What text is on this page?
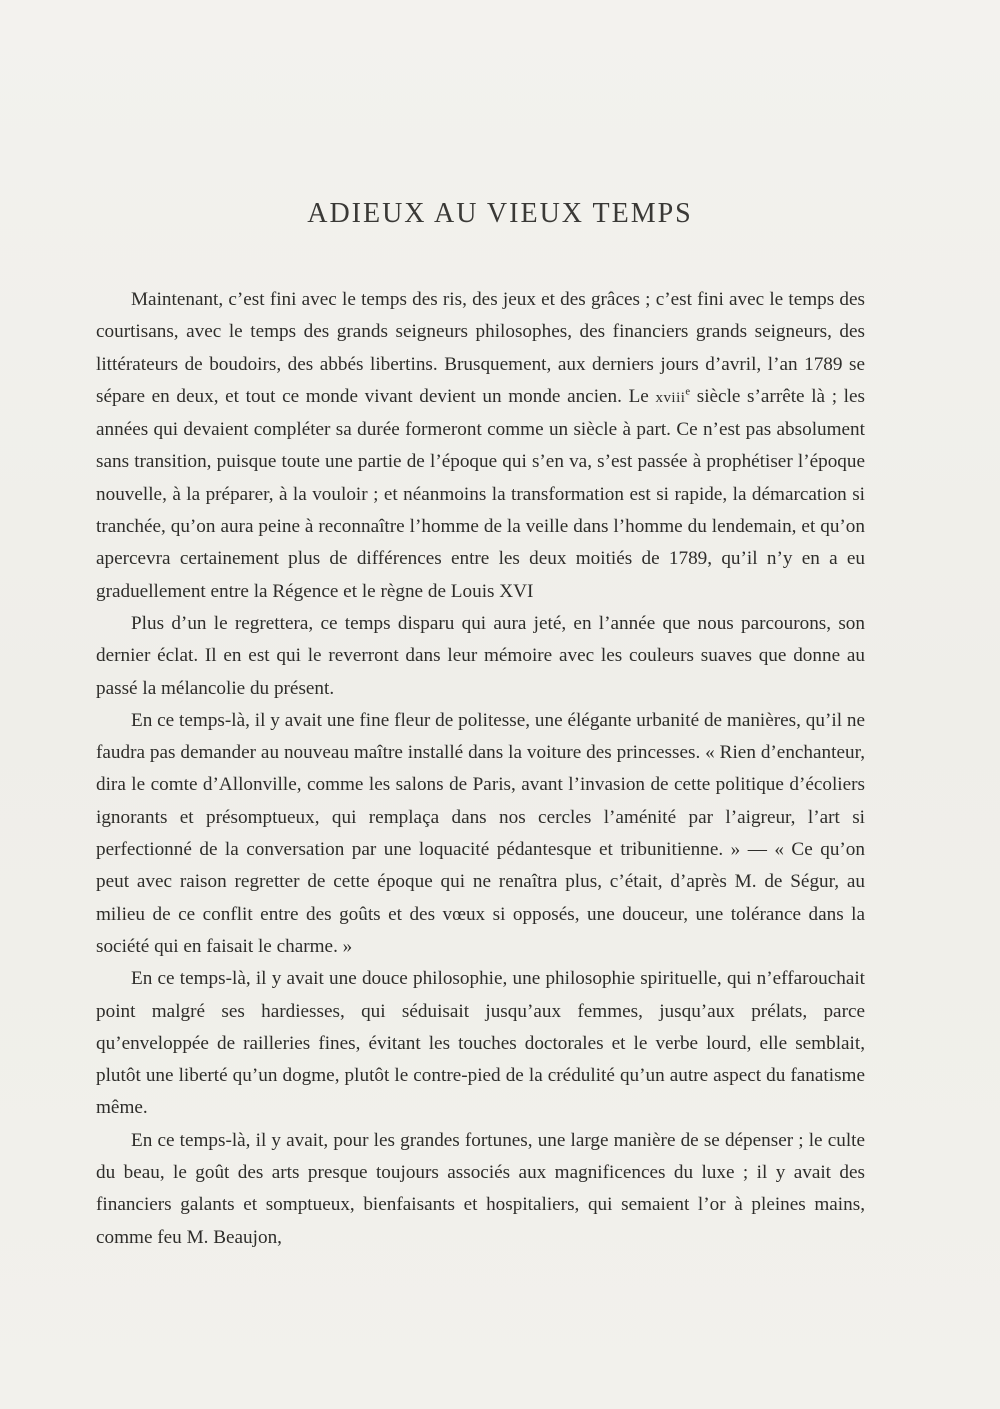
ADIEUX AU VIEUX TEMPS

Maintenant, c’est fini avec le temps des ris, des jeux et des grâces ; c’est fini avec le temps des courtisans, avec le temps des grands seigneurs philosophes, des financiers grands seigneurs, des littérateurs de boudoirs, des abbés libertins. Brusquement, aux derniers jours d’avril, l’an 1789 se sépare en deux, et tout ce monde vivant devient un monde ancien. Le xviii$^e$ siècle s’arrête là ; les années qui devaient compléter sa durée formeront comme un siècle à part. Ce n’est pas absolument sans transition, puisque toute une partie de l’époque qui s’en va, s’est passée à prophétiser l’époque nouvelle, à la préparer, à la vouloir ; et néanmoins la transformation est si rapide, la démarcation si tranchée, qu’on aura peine à reconnaître l’homme de la veille dans l’homme du lendemain, et qu’on apercevra certainement plus de différences entre les deux moitiés de 1789, qu’il n’y en a eu graduellement entre la Régence et le règne de Louis XVI

Plus d’un le regrettera, ce temps disparu qui aura jeté, en l’année que nous parcourons, son dernier éclat. Il en est qui le reverront dans leur mémoire avec les couleurs suaves que donne au passé la mélancolie du présent.

En ce temps-là, il y avait une fine fleur de politesse, une élégante urbanité de manières, qu’il ne faudra pas demander au nouveau maître installé dans la voiture des princesses. « Rien d’enchanteur, dira le comte d’Allonville, comme les salons de Paris, avant l’invasion de cette politique d’écoliers ignorants et présomptueux, qui remplaça dans nos cercles l’aménité par l’aigreur, l’art si perfectionné de la conversation par une loquacité pédantesque et tribunitienne. » — « Ce qu’on peut avec raison regretter de cette époque qui ne renaîtra plus, c’était, d’après M. de Ségur, au milieu de ce conflit entre des goûts et des vœux si opposés, une douceur, une tolérance dans la société qui en faisait le charme. »

En ce temps-là, il y avait une douce philosophie, une philosophie spirituelle, qui n’effarouchait point malgré ses hardiesses, qui séduisait jusqu’aux femmes, jusqu’aux prélats, parce qu’enveloppée de railleries fines, évitant les touches doctorales et le verbe lourd, elle semblait, plutôt une liberté qu’un dogme, plutôt le contre-pied de la crédulité qu’un autre aspect du fanatisme même.

En ce temps-là, il y avait, pour les grandes fortunes, une large manière de se dépenser ; le culte du beau, le goût des arts presque toujours associés aux magnificences du luxe ; il y avait des financiers galants et somptueux, bienfaisants et hospitaliers, qui semaient l’or à pleines mains, comme feu M. Beaujon,
